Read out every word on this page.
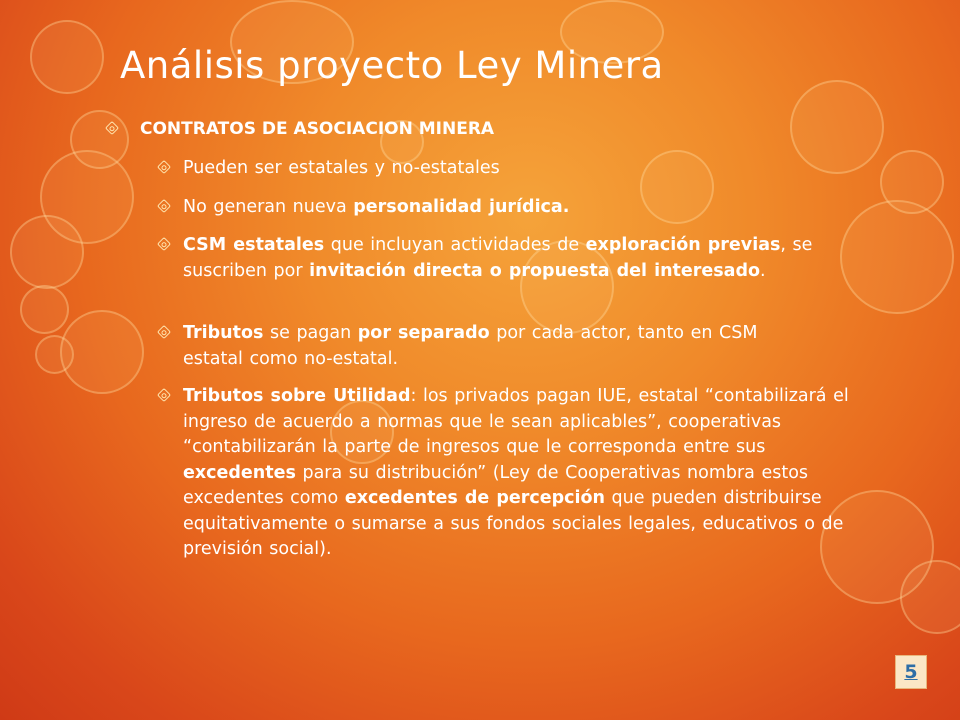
Análisis proyecto Ley Minera
CONTRATOS DE ASOCIACION MINERA
Pueden ser estatales y no-estatales
No generan nueva personalidad jurídica.
CSM estatales que incluyan actividades de exploración previas, se suscriben por invitación directa o propuesta del interesado.
Tributos se pagan por separado por cada actor, tanto en CSM estatal como no-estatal.
Tributos sobre Utilidad: los privados pagan IUE, estatal “contabilizará el ingreso de acuerdo a normas que le sean aplicables”, cooperativas “contabilizarán la parte de ingresos que le corresponda entre sus excedentes para su distribución” (Ley de Cooperativas nombra estos excedentes como excedentes de percepción que pueden distribuirse equitativamente o sumarse a sus fondos sociales legales, educativos o de previsión social).
5
